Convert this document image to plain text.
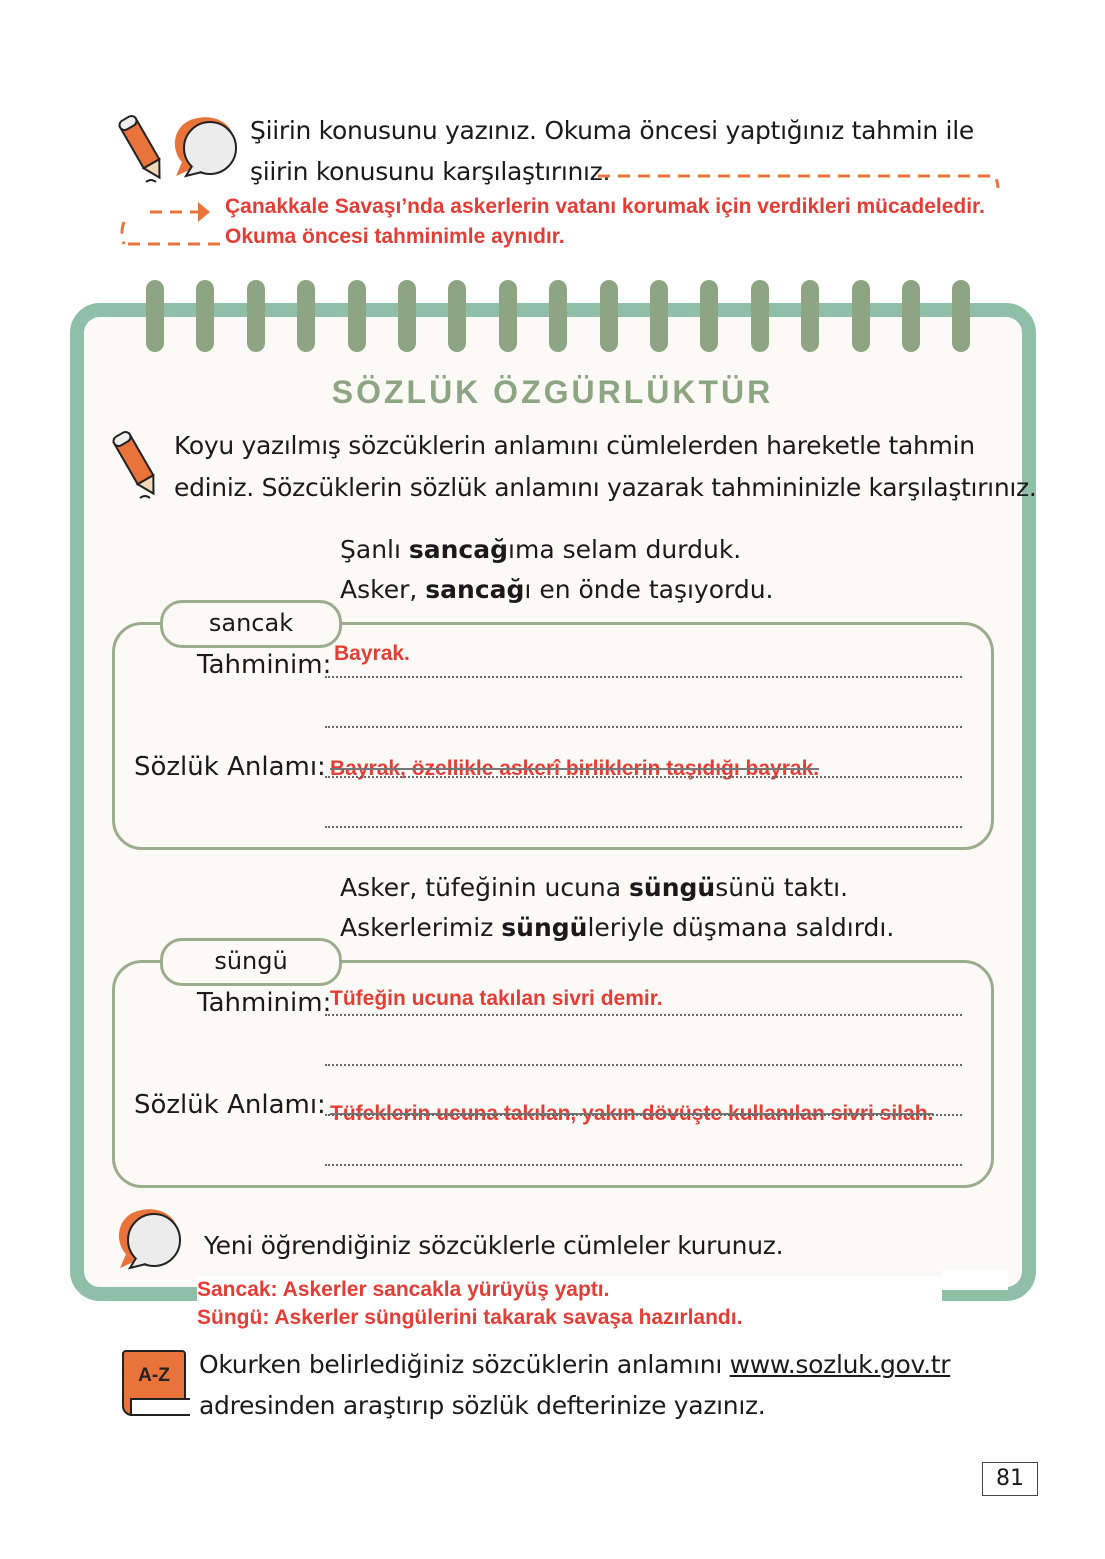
Şiirin konusunu yazınız. Okuma öncesi yaptığınız tahmin ile
şiirin konusunu karşılaştırınız.
Çanakkale Savaşı’nda askerlerin vatanı korumak için verdikleri mücadeledir.
Okuma öncesi tahminimle aynıdır.
SÖZLÜK ÖZGÜRLÜKTÜR
Koyu yazılmış sözcüklerin anlamını cümlelerden hareketle tahmin
ediniz. Sözcüklerin sözlük anlamını yazarak tahmininizle karşılaştırınız.
Şanlı sancağıma selam durduk.
Asker, sancağı en önde taşıyordu.
sancak
Tahminim: Bayrak.
Sözlük Anlamı: Bayrak, özellikle askerî birliklerin taşıdığı bayrak.
Asker, tüfeğinin ucuna süngüsünü taktı.
Askerlerimiz süngüleriyle düşmana saldırdı.
süngü
Tahminim:
Tüfeğin ucuna takılan sivri demir.
Sözlük Anlamı: Tüfeklerin ucuna takılan, yakın dövüşte kullanılan sivri silah.
Yeni öğrendiğiniz sözcüklerle cümleler kurunuz.
Sancak: Askerler sancakla yürüyüş yaptı.
Süngü: Askerler süngülerini takarak savaşa hazırlandı.
A-Z	Okurken belirlediğiniz sözcüklerin anlamını www.sozluk.gov.tr
adresinden araştırıp sözlük defterinize yazınız.
81
